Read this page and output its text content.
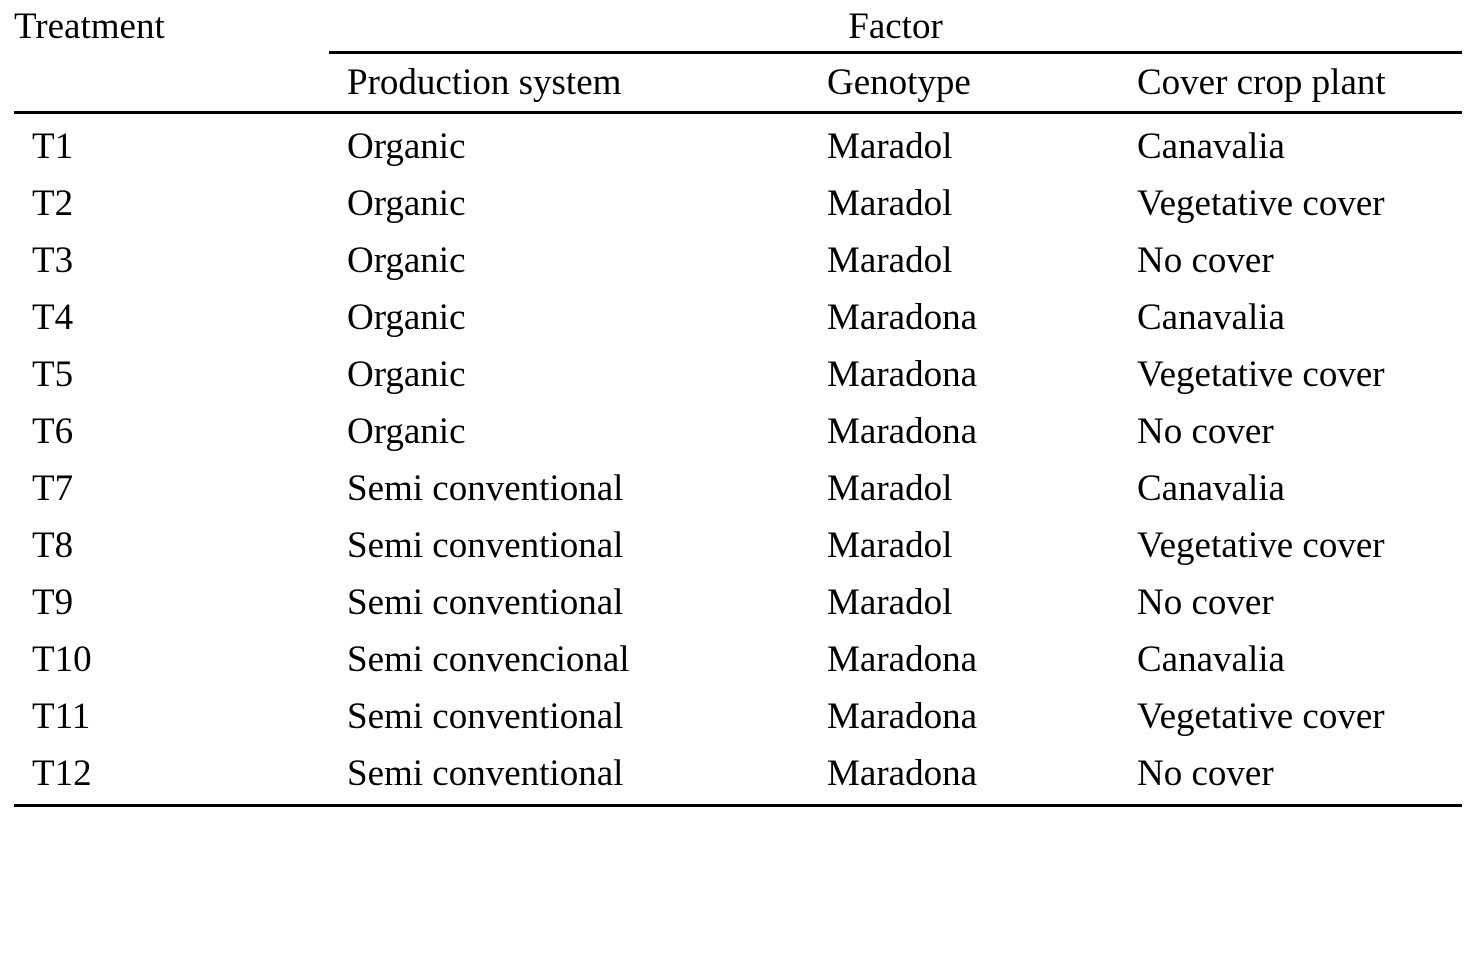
Treatment	Factor		
	Production system	Genotype	Cover crop plant
T1	Organic	Maradol	Canavalia
T2	Organic	Maradol	Vegetative cover
T3	Organic	Maradol	No cover
T4	Organic	Maradona	Canavalia
T5	Organic	Maradona	Vegetative cover
T6	Organic	Maradona	No cover
T7	Semi conventional	Maradol	Canavalia
T8	Semi conventional	Maradol	Vegetative cover
T9	Semi conventional	Maradol	No cover
T10	Semi convencional	Maradona	Canavalia
T11	Semi conventional	Maradona	Vegetative cover
T12	Semi conventional	Maradona	No cover
